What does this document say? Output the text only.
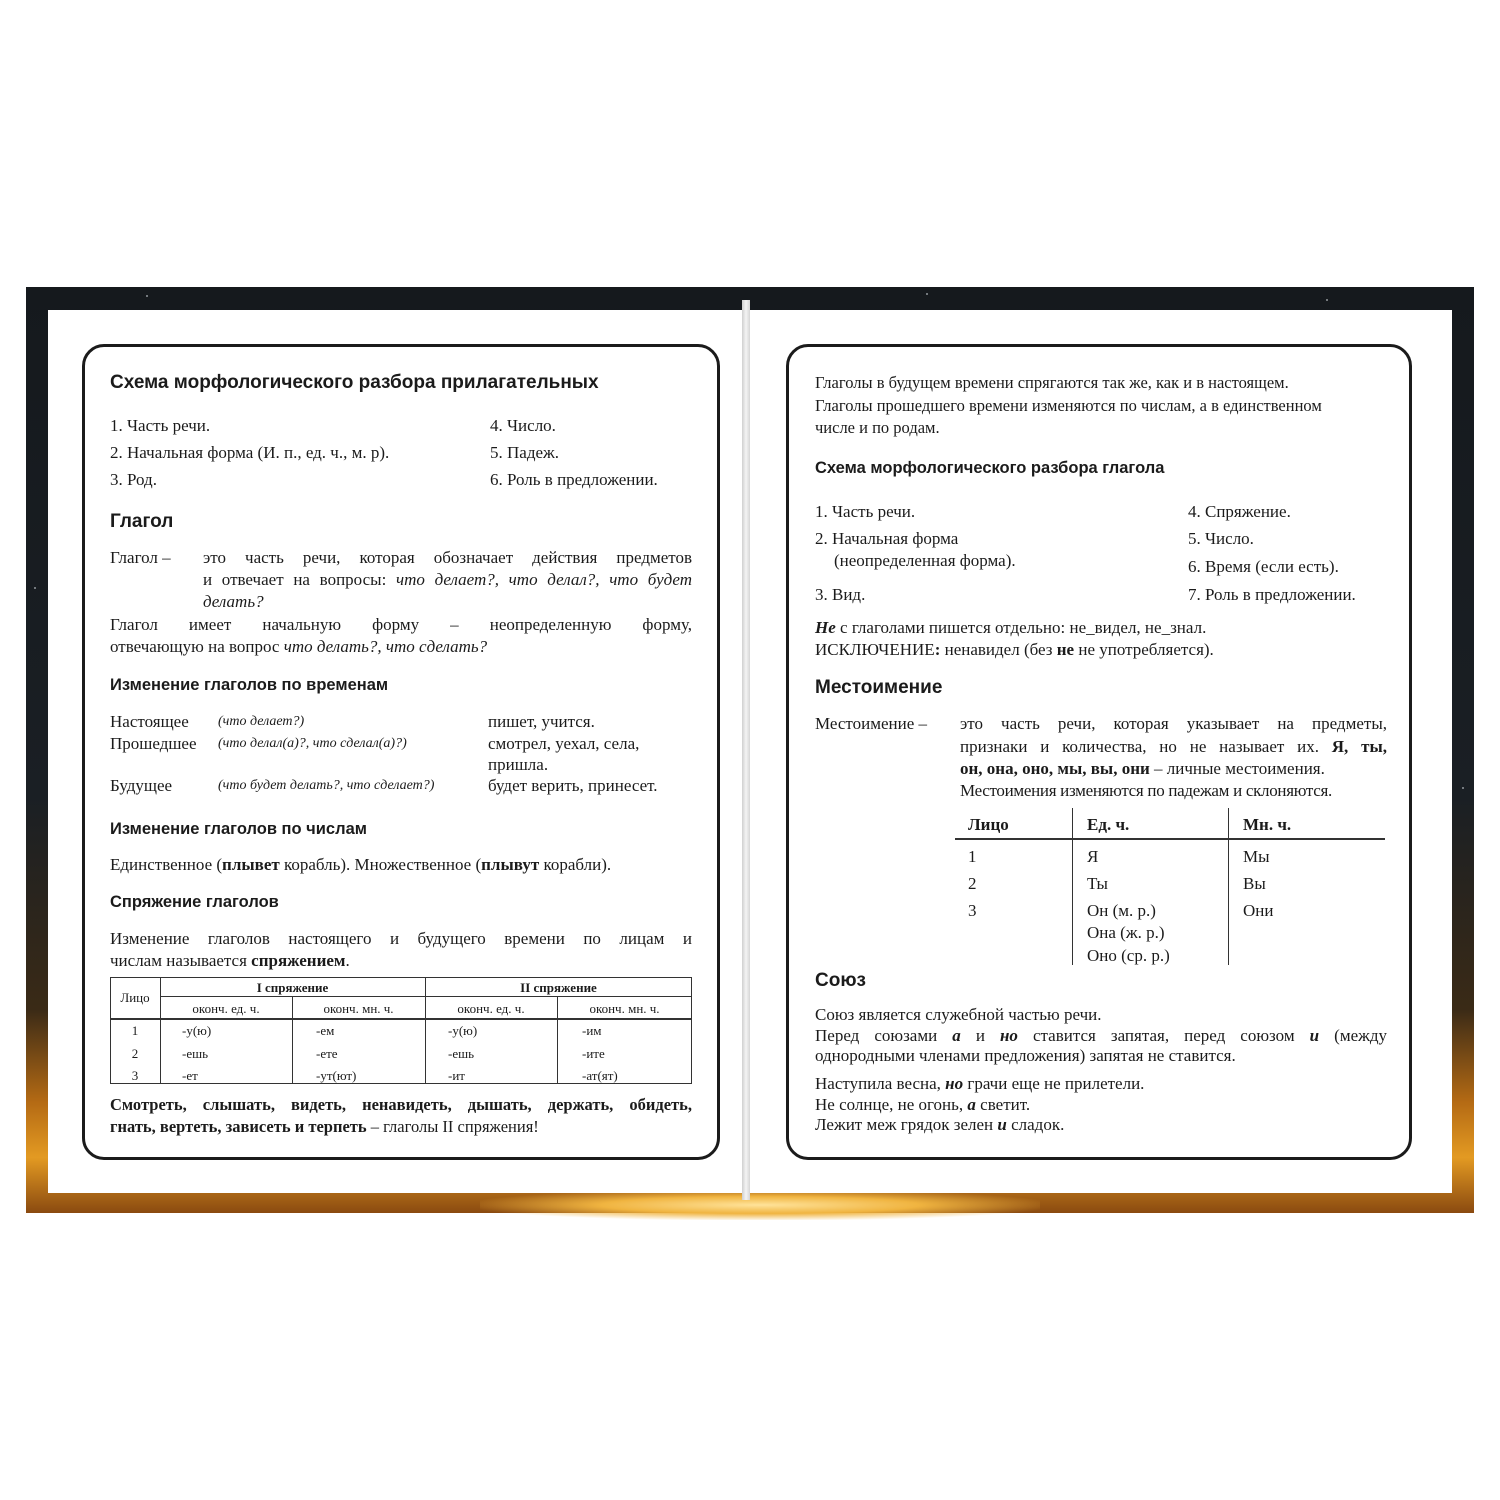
Схема морфологического разбора прилагательных
1. Часть речи.
2. Начальная форма (И. п., ед. ч., м. р).
3. Род.
4. Число.
5. Падеж.
6. Роль в предложении.
Глагол
Глагол – это часть речи, которая обозначает действия предметов
и отвечает на вопросы: что делает?, что делал?, что будет
делать?
Глагол имеет начальную форму – неопределенную форму,
отвечающую на вопрос что делать?, что сделать?
Изменение глаголов по временам
Настоящее (что делает?)	пишет, учится.
Прошедшее (что делал(а)?, что сделал(а)?)	смотрел, уехал, села,
пришла.
Будущее	(что будет делать?, что сделает?)	будет верить, принесет.
Изменение глаголов по числам
Единственное (плывет корабль). Множественное (плывут корабли).
Спряжение глаголов
Изменение глаголов настоящего и будущего времени по лицам и
числам называется спряжением.
Лицо
I спряжение	II спряжение
оконч. ед. ч.	оконч. мн. ч.	оконч. ед. ч.	оконч. мн. ч.
1	-у(ю)	-ем	-у(ю)	-им
2	-ешь	-ете	-ешь	-ите
3	-ет	-ут(ют)	-ит	-ат(ят)
Смотреть, слышать, видеть, ненавидеть, дышать, держать, обидеть,
гнать, вертеть, зависеть и терпеть – глаголы II спряжения!
Глаголы в будущем времени спрягаются так же, как и в настоящем.
Глаголы прошедшего времени изменяются по числам, а в единственном
числе и по родам.
Схема морфологического разбора глагола
1. Часть речи.
2. Начальная форма
(неопределенная форма).
3. Вид.
4. Спряжение.
5. Число.
6. Время (если есть).
7. Роль в предложении.
Не с глаголами пишется отдельно: не_видел, не_знал.
ИСКЛЮЧЕНИЕ: ненавидел (без не не употребляется).
Местоимение
Местоимение – это часть речи, которая указывает на предметы,
признаки и количества, но не называет их. Я, ты,
он, она, оно, мы, вы, они – личные местоимения.
Местоимения изменяются по падежам и склоняются.
Лицо	Ед. ч.	Мн. ч.
1	Я	Мы
2	Ты	Вы
3	Он (м. р.)	Они
Она (ж. р.)
Оно (ср. р.)
Союз
Союз является служебной частью речи.
Перед союзами а и но ставится запятая, перед союзом и (между
однородными членами предложения) запятая не ставится.
Наступила весна, но грачи еще не прилетели.
Не солнце, не огонь, а светит.
Лежит меж грядок зелен и сладок.
